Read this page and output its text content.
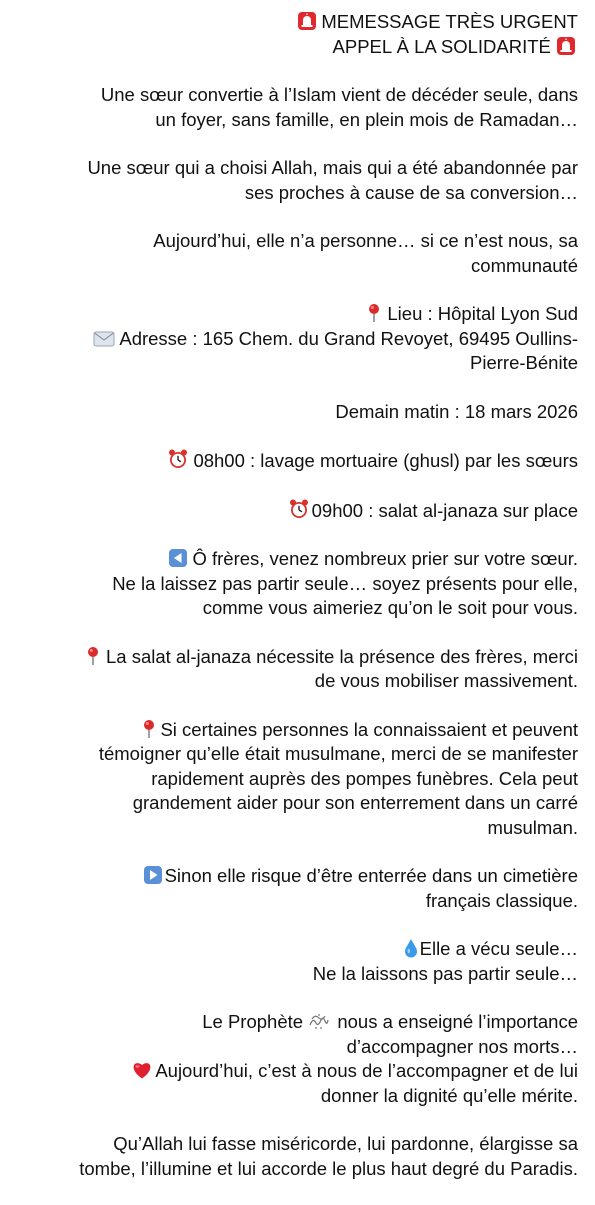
MEMESSAGE TRÈS URGENT
APPEL À LA SOLIDARITÉ
Une sœur convertie à l’Islam vient de décéder seule, dans
un foyer, sans famille, en plein mois de Ramadan…
Une sœur qui a choisi Allah, mais qui a été abandonnée par
ses proches à cause de sa conversion…
Aujourd’hui, elle n’a personne… si ce n’est nous, sa
communauté
Lieu : Hôpital Lyon Sud
Adresse : 165 Chem. du Grand Revoyet, 69495 Oullins-
Pierre-Bénite
Demain matin : 18 mars 2026
08h00 : lavage mortuaire (ghusl) par les sœurs
09h00 : salat al-janaza sur place
Ô frères, venez nombreux prier sur votre sœur.
Ne la laissez pas partir seule… soyez présents pour elle,
comme vous aimeriez qu’on le soit pour vous.
La salat al-janaza nécessite la présence des frères, merci
de vous mobiliser massivement.
Si certaines personnes la connaissaient et peuvent
témoigner qu’elle était musulmane, merci de se manifester
rapidement auprès des pompes funèbres. Cela peut
grandement aider pour son enterrement dans un carré
musulman.
Sinon elle risque d’être enterrée dans un cimetière
français classique.
Elle a vécu seule…
Ne la laissons pas partir seule…
Le Prophète nous a enseigné l’importance
d’accompagner nos morts…
Aujourd’hui, c’est à nous de l’accompagner et de lui
donner la dignité qu’elle mérite.
Qu’Allah lui fasse miséricorde, lui pardonne, élargisse sa
tombe, l’illumine et lui accorde le plus haut degré du Paradis.
